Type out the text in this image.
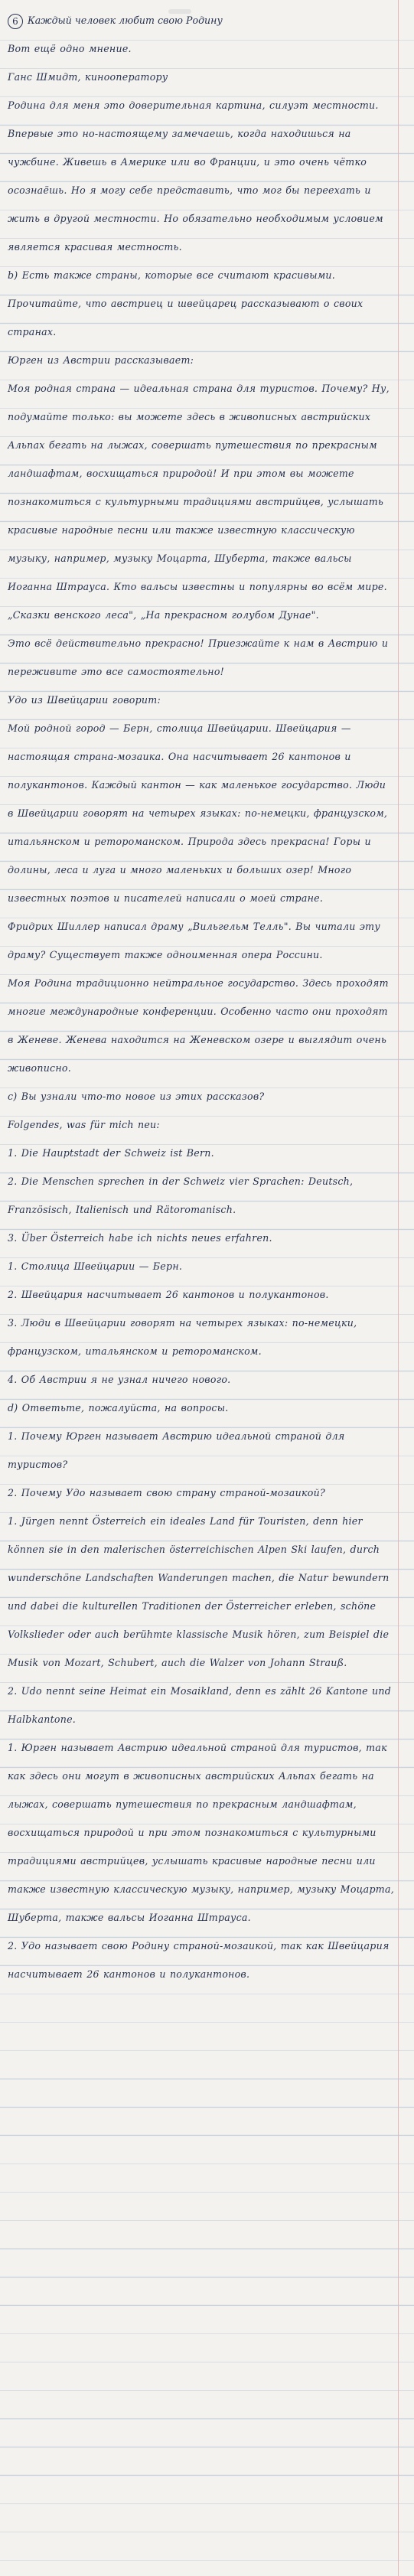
6 Каждый человек любит свою Родину
Вот ещё одно мнение.
Ганс Шмидт, кинооператору
Родина для меня это доверительная картина, силуэт местности. Впервые это но-настоящему замечаешь, когда находишься на чужбине. Живешь в Америке или во Франции, и это очень чётко осознаёшь. Но я могу себе представить, что мог бы переехать и жить в другой местности. Но обязательно необходимым условием является красивая местность.
b) Есть также страны, которые все считают красивыми. Прочитайте, что австриец и швейцарец рассказывают о своих странах.
Юрген из Австрии рассказывает:
Моя родная страна — идеальная страна для туристов. Почему? Ну, подумайте только: вы можете здесь в живописных австрийских Альпах бегать на лыжах, совершать путешествия по прекрасным ландшафтам, восхищаться природой! И при этом вы можете познакомиться с культурными традициями австрийцев, услышать красивые народные песни или также известную классическую музыку, например, музыку Моцарта, Шуберта, также вальсы Иоганна Штрауса. Кто вальсы известны и популярны во всём мире. „Сказки венского леса", „На прекрасном голубом Дунае".
Это всё действительно прекрасно! Приезжайте к нам в Австрию и переживите это все самостоятельно!
Удо из Швейцарии говорит:
Мой родной город — Берн, столица Швейцарии. Швейцария — настоящая страна-мозаика. Она насчитывает 26 кантонов и полукантонов. Каждый кантон — как маленькое государство. Люди в Швейцарии говорят на четырех языках: по-немецки, французском, итальянском и ретороманском. Природа здесь прекрасна! Горы и долины, леса и луга и много маленьких и больших озер! Много известных поэтов и писателей написали о моей стране.
Фридрих Шиллер написал драму „Вильгельм Телль". Вы читали эту драму? Существует также одноименная опера Россини.
Моя Родина традиционно нейтральное государство. Здесь проходят многие международные конференции. Особенно часто они проходят в Женеве. Женева находится на Женевском озере и выглядит очень живописно.
c) Вы узнали что-то новое из этих рассказов?
Folgendes, was für mich neu:
1. Die Hauptstadt der Schweiz ist Bern.
2. Die Menschen sprechen in der Schweiz vier Sprachen: Deutsch, Französisch, Italienisch und Rätoromanisch.
3. Über Österreich habe ich nichts neues erfahren.
1. Столица Швейцарии — Берн.
2. Швейцария насчитывает 26 кантонов и полукантонов.
3. Люди в Швейцарии говорят на четырех языках: по-немецки, французском, итальянском и ретороманском.
4. Об Австрии я не узнал ничего нового.
d) Ответьте, пожалуйста, на вопросы.
1. Почему Юрген называет Австрию идеальной страной для туристов?
2. Почему Удо называет свою страну страной-мозаикой?
1. Jürgen nennt Österreich ein ideales Land für Touristen, denn hier können sie in den malerischen österreichischen Alpen Ski laufen, durch wunderschöne Landschaften Wanderungen machen, die Natur bewundern und dabei die kulturellen Traditionen der Österreicher erleben, schöne Volkslieder oder auch berühmte klassische Musik hören, zum Beispiel die Musik von Mozart, Schubert, auch die Walzer von Johann Strauß.
2. Udo nennt seine Heimat ein Mosaikland, denn es zählt 26 Kantone und Halbkantone.
1. Юрген называет Австрию идеальной страной для туристов, так как здесь они могут в живописных австрийских Альпах бегать на лыжах, совершать путешествия по прекрасным ландшафтам, восхищаться природой и при этом познакомиться с культурными традициями австрийцев, услышать красивые народные песни или также известную классическую музыку, например, музыку Моцарта, Шуберта, также вальсы Иоганна Штрауса.
2. Удо называет свою Родину страной-мозаикой, так как Швейцария насчитывает 26 кантонов и полукантонов.
